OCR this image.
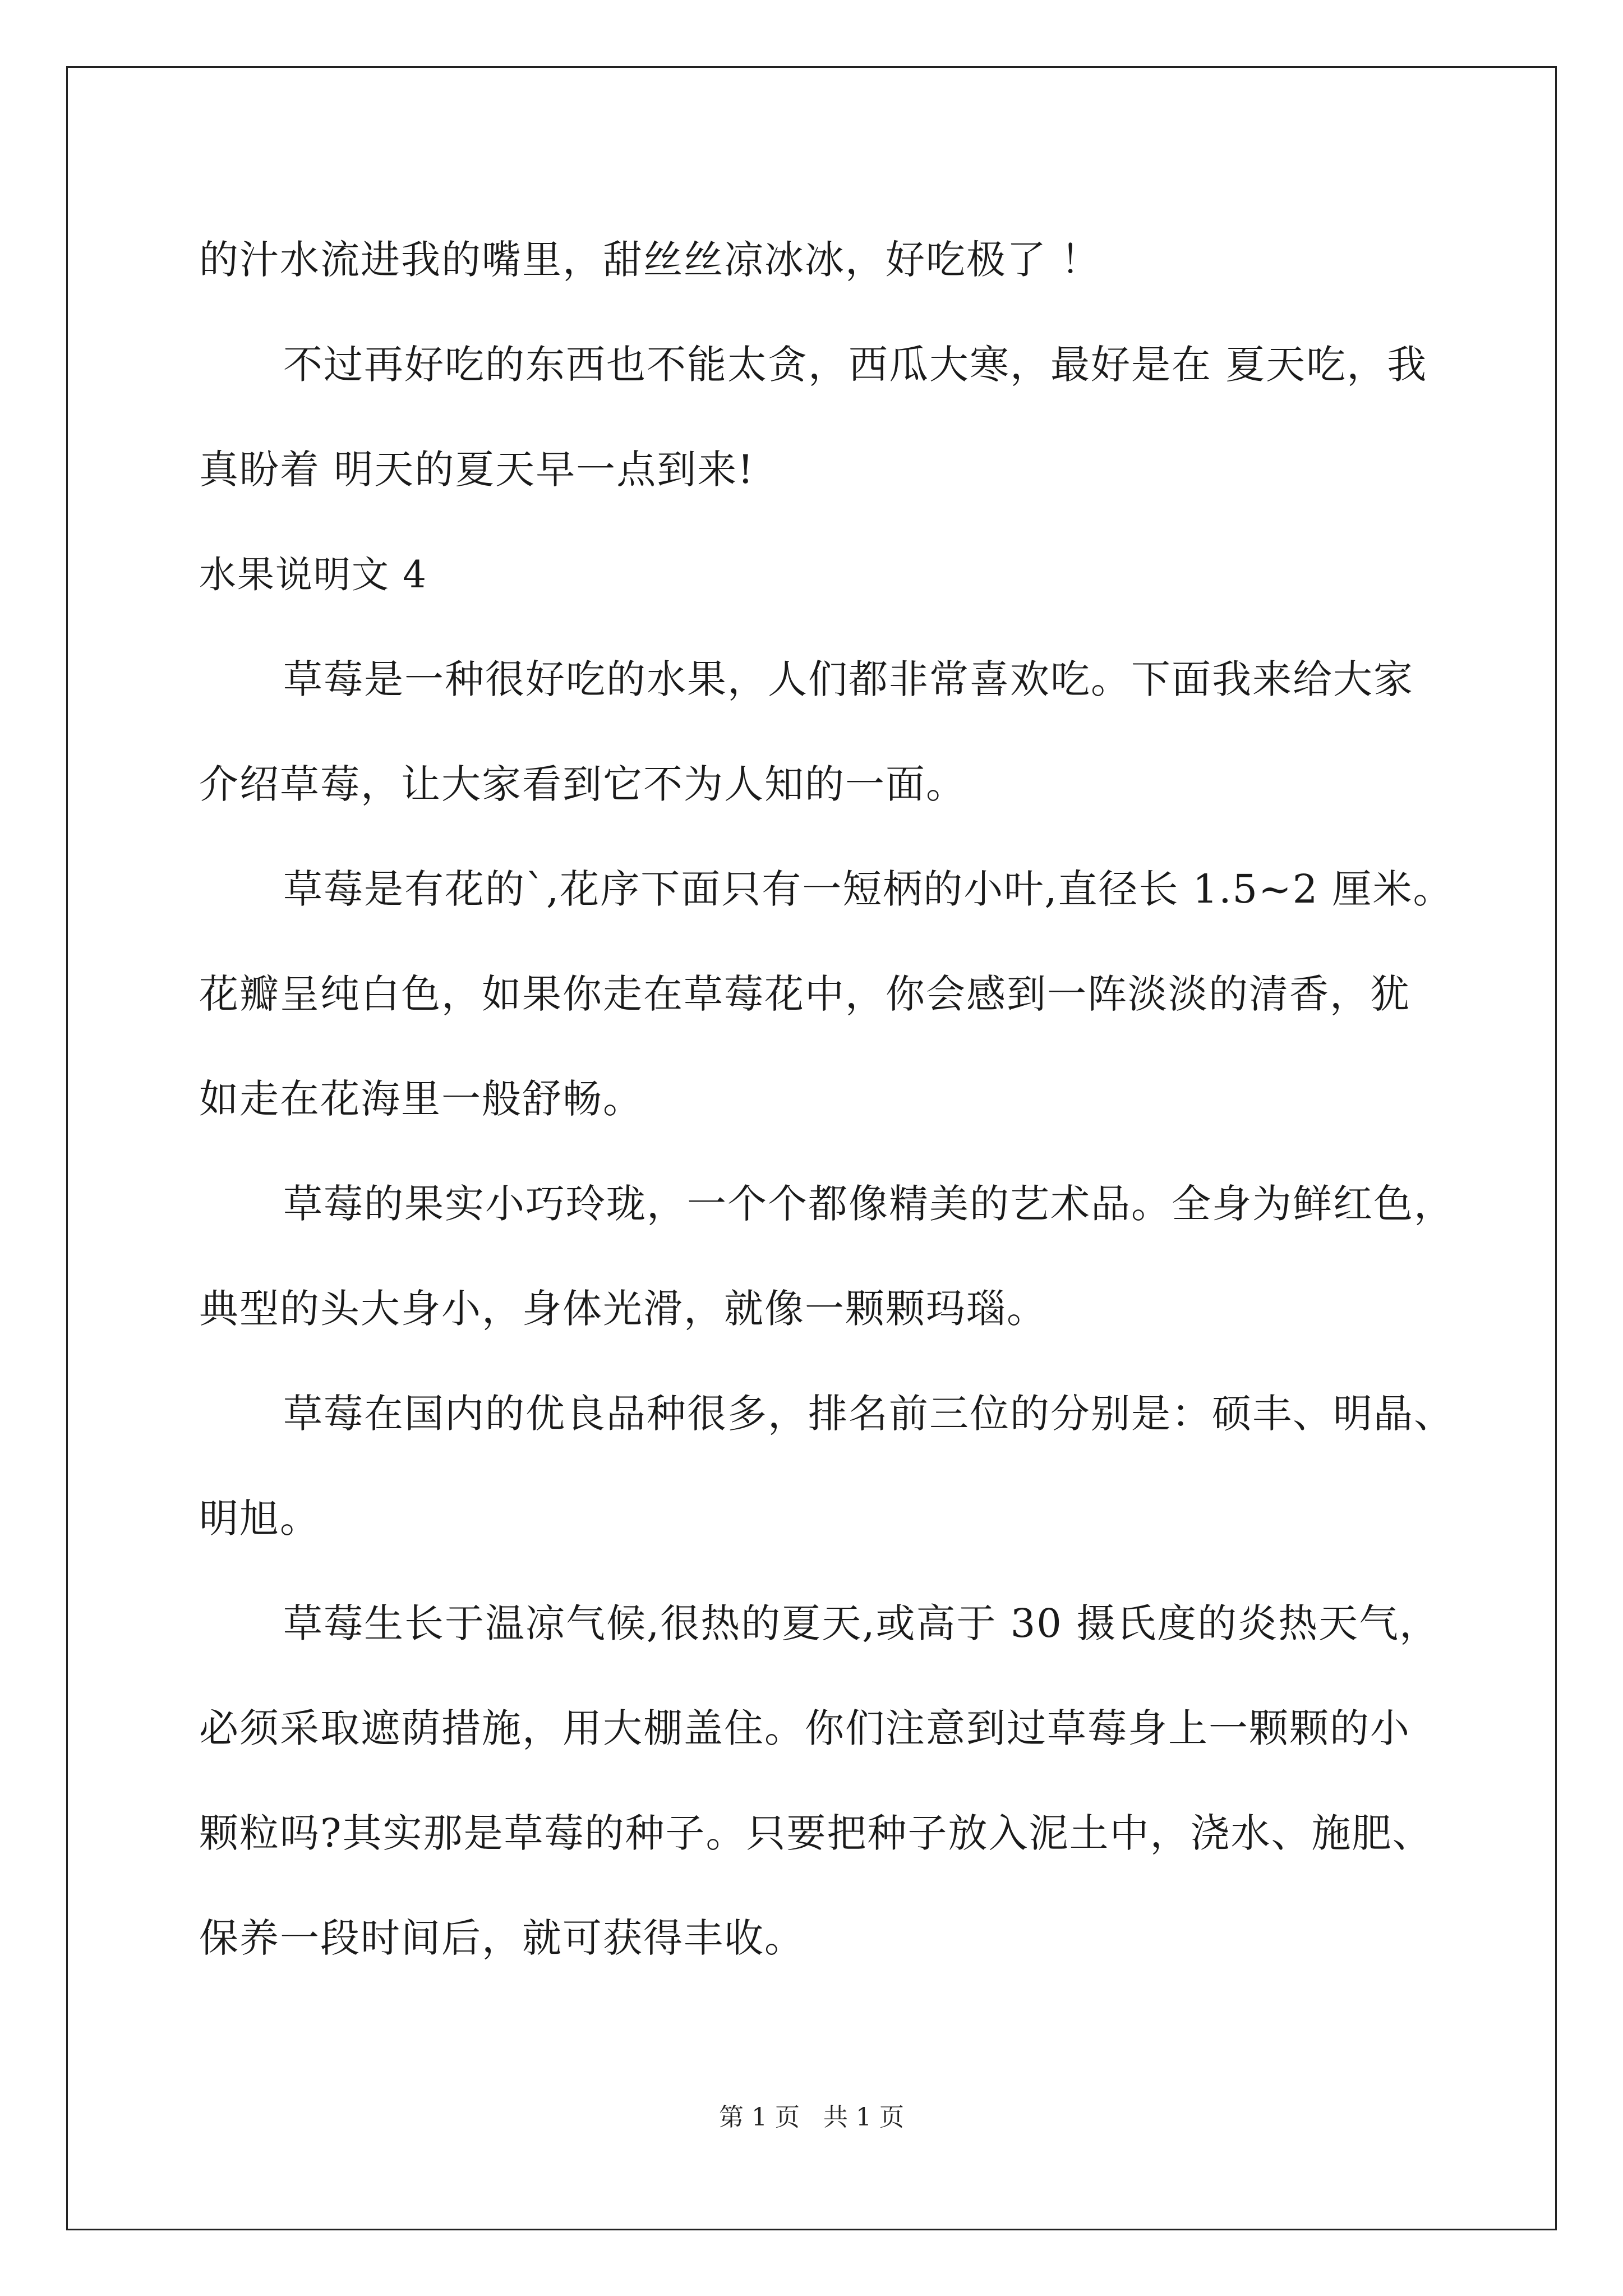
的汁水流进我的嘴里，甜丝丝凉冰冰，好吃极了 ！
不过再好吃的东西也不能太贪，西瓜大寒，最好是在 夏天吃，我
真盼着 明天的夏天早一点到来!
水果说明文 4
草莓是一种很好吃的水果，人们都非常喜欢吃。下面我来给大家
介绍草莓，让大家看到它不为人知的一面。
草莓是有花的`,花序下面只有一短柄的小叶,直径长 1.5~2 厘米。
花瓣呈纯白色，如果你走在草莓花中，你会感到一阵淡淡的清香，犹
如走在花海里一般舒畅。
草莓的果实小巧玲珑，一个个都像精美的艺术品。全身为鲜红色，
典型的头大身小，身体光滑，就像一颗颗玛瑙。
草莓在国内的优良品种很多，排名前三位的分别是：硕丰、明晶、
明旭。
草莓生长于温凉气候,很热的夏天,或高于 30 摄氏度的炎热天气，
必须采取遮荫措施，用大棚盖住。你们注意到过草莓身上一颗颗的小
颗粒吗?其实那是草莓的种子。只要把种子放入泥土中，浇水、施肥、
保养一段时间后，就可获得丰收。
第 1 页   共 1 页
